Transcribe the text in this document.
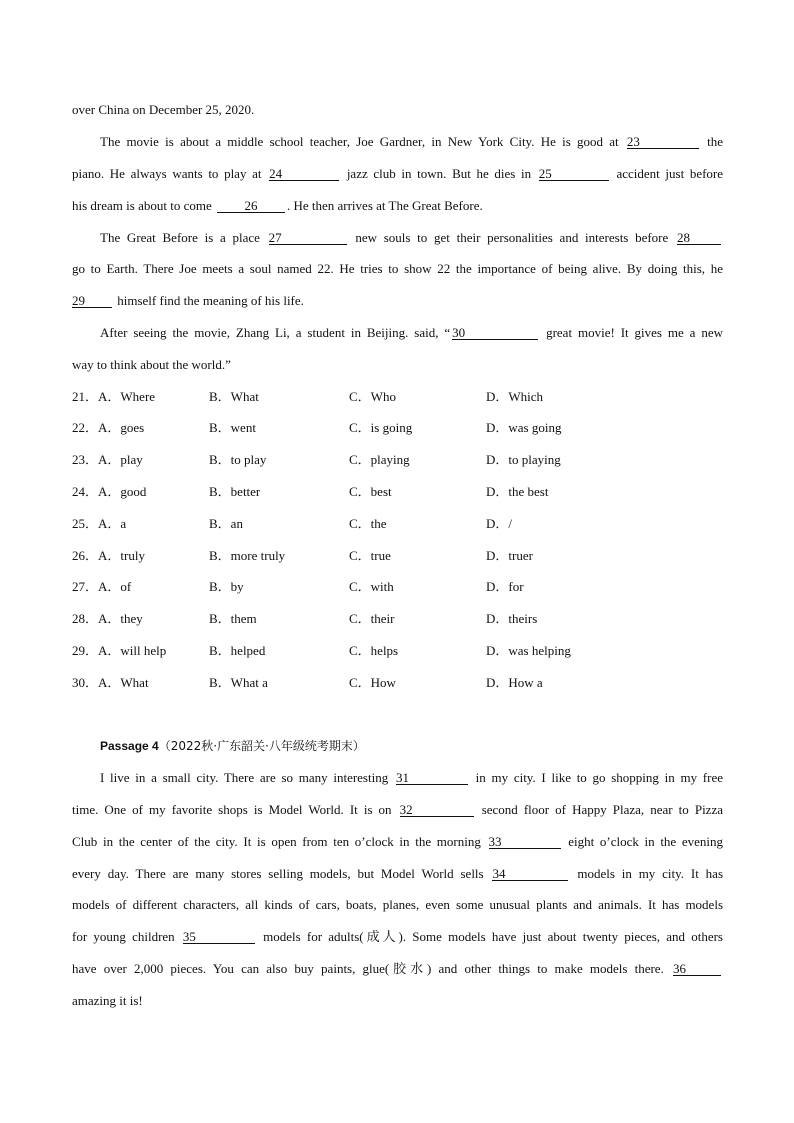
over China on December 25, 2020.
The movie is about a middle school teacher, Joe Gardner, in New York City. He is good at 23	the
piano. He always wants to play at 24	jazz club in town. But he dies in 25	accident just before
his dream is about to come	26 . He then arrives at The Great Before.
The Great Before is a place 27	new souls to get their personalities and interests before 28
go to Earth. There Joe meets a soul named 22. He tries to show 22 the importance of being alive. By doing this, he
29 himself find the meaning of his life.
After seeing the movie, Zhang Li, a student in Beijing. said, “ 30	great movie! It gives me a new
way to think about the world.”
21．A．Where	B．What	C．Who	D．Which
22．A．goes	B．went	C．is going	D．was going
23．A．play	B．to play	C．playing	D．to playing
24．A．good	B．better	C．best	D．the best
25．A．a	B．an	C．the	D．/
26．A．truly	B．more truly	C．true	D．truer
27．A．of	B．by	C．with	D．for
28．A．they	B．them	C．their	D．theirs
29．A．will help	B．helped	C．helps	D．was helping
30．A．What	B．What a	C．How	D．How a
Passage 4（2022秋·广东韶关·八年级统考期末）
I live in a small city. There are so many interesting 31	in my city. I like to go shopping in my free
time. One of my favorite shops is Model World. It is on 32	second floor of Happy Plaza, near to Pizza
Club in the center of the city. It is open from ten o’clock in the morning 33	eight o’clock in the evening
every day. There are many stores selling models, but Model World sells 34	models in my city. It has
models of different characters, all kinds of cars, boats, planes, even some unusual plants and animals. It has models
for young children 35	models for adults(成人). Some models have just about twenty pieces, and others
have over 2,000 pieces. You can also buy paints, glue(胶水) and other things to make models there. 36
amazing it is!
